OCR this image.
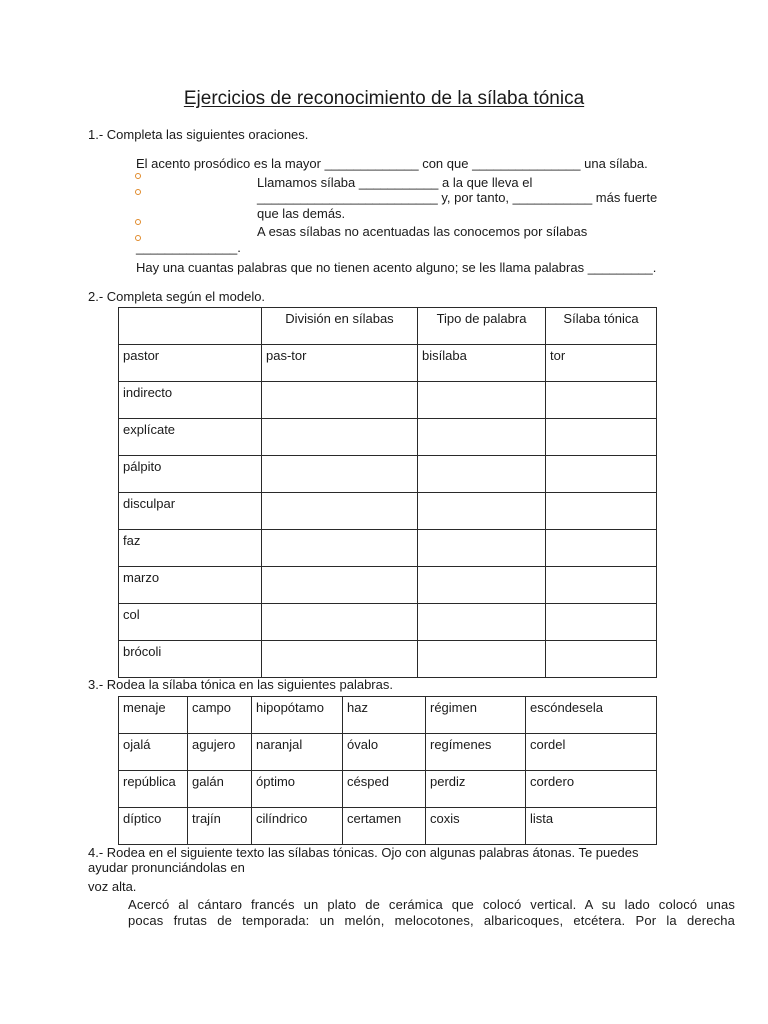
Ejercicios de reconocimiento de la sílaba tónica
1.- Completa las siguientes oraciones.
El acento prosódico es la mayor _____________ con que _______________ una sílaba.
Llamamos sílaba ___________ a la que lleva el
_________________________ y, por tanto, ___________ más fuerte
que las demás.
A esas sílabas no acentuadas las conocemos por sílabas
______________.
Hay una cuantas palabras que no tienen acento alguno; se les llama palabras _________.
2.- Completa según el modelo.
	División en sílabas	Tipo de palabra	Sílaba tónica
pastor	pas-tor	bisílaba	tor
indirecto			
explícate			
pálpito			
disculpar			
faz			
marzo			
col			
brócoli			
3.- Rodea la sílaba tónica en las siguientes palabras.
menaje	campo	hipopótamo	haz	régimen	escóndesela
ojalá	agujero	naranjal	óvalo	regímenes	cordel
república	galán	óptimo	césped	perdiz	cordero
díptico	trajín	cilíndrico	certamen	coxis	lista
4.- Rodea en el siguiente texto las sílabas tónicas. Ojo con algunas palabras átonas. Te puedes
ayudar pronunciándolas en
voz alta.
Acercó al cántaro francés un plato de cerámica que colocó vertical. A su lado colocó unas
pocas frutas de temporada: un melón, melocotones, albaricoques, etcétera. Por la derecha
